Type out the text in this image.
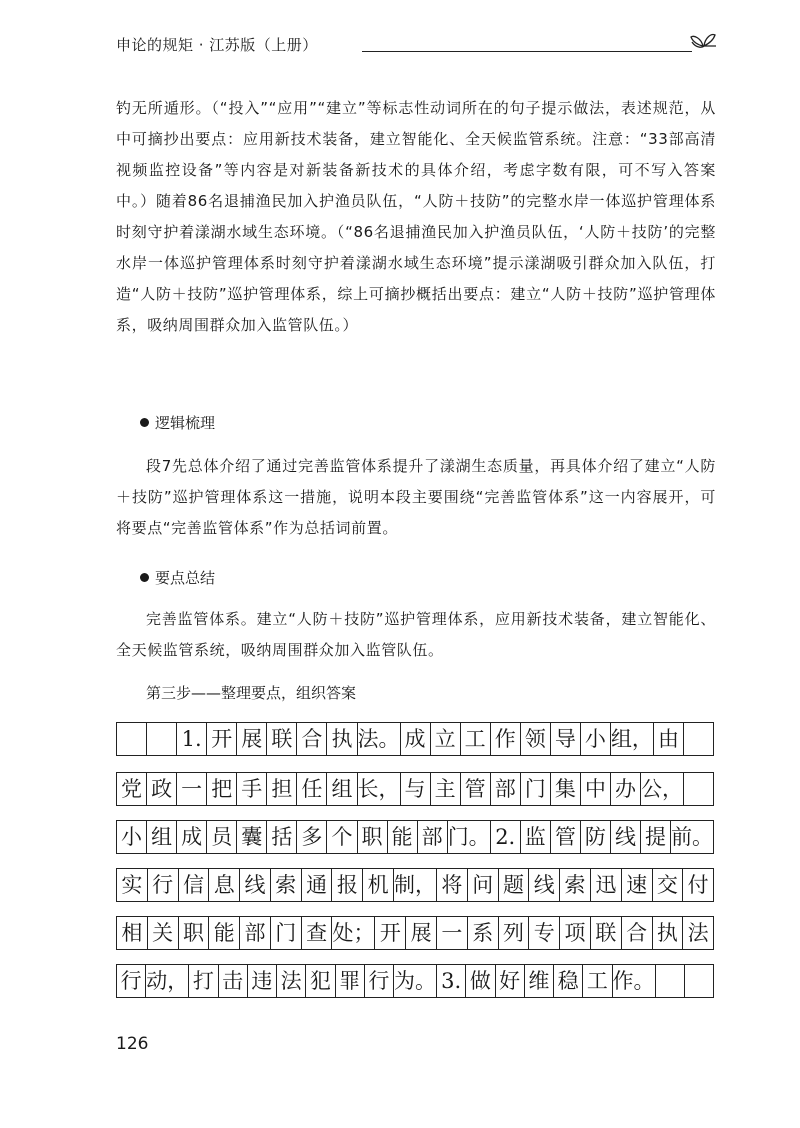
申论的规矩 · 江苏版（上册）
钓无所遁形。（“投入”“应用”“建立”等标志性动词所在的句子提示做法，表述规范，从中可摘抄出要点：应用新技术装备，建立智能化、全天候监管系统。注意：“33部高清视频监控设备”等内容是对新装备新技术的具体介绍，考虑字数有限，可不写入答案中。）随着86名退捕渔民加入护渔员队伍，“人防＋技防”的完整水岸一体巡护管理体系时刻守护着漾湖水域生态环境。（“86名退捕渔民加入护渔员队伍，‘人防＋技防’的完整水岸一体巡护管理体系时刻守护着漾湖水域生态环境”提示漾湖吸引群众加入队伍，打造“人防＋技防”巡护管理体系，综上可摘抄概括出要点：建立“人防＋技防”巡护管理体系，吸纳周围群众加入监管队伍。）
逻辑梳理
段7先总体介绍了通过完善监管体系提升了漾湖生态质量，再具体介绍了建立“人防＋技防”巡护管理体系这一措施，说明本段主要围绕“完善监管体系”这一内容展开，可将要点“完善监管体系”作为总括词前置。
要点总结
完善监管体系。建立“人防＋技防”巡护管理体系，应用新技术装备，建立智能化、全天候监管系统，吸纳周围群众加入监管队伍。
第三步——整理要点，组织答案
1. 开 展 联 合 执 法。 成 立 工 作 领 导 小 组， 由
党 政 一 把 手 担 任 组 长， 与 主 管 部 门 集 中 办 公，
小 组 成 员 囊 括 多 个 职 能 部 门。 2. 监 管 防 线 提 前。
实 行 信 息 线 索 通 报 机 制， 将 问 题 线 索 迅 速 交 付
相 关 职 能 部 门 查 处； 开 展 一 系 列 专 项 联 合 执 法
行 动， 打 击 违 法 犯 罪 行 为。 3. 做 好 维 稳 工 作。
126
